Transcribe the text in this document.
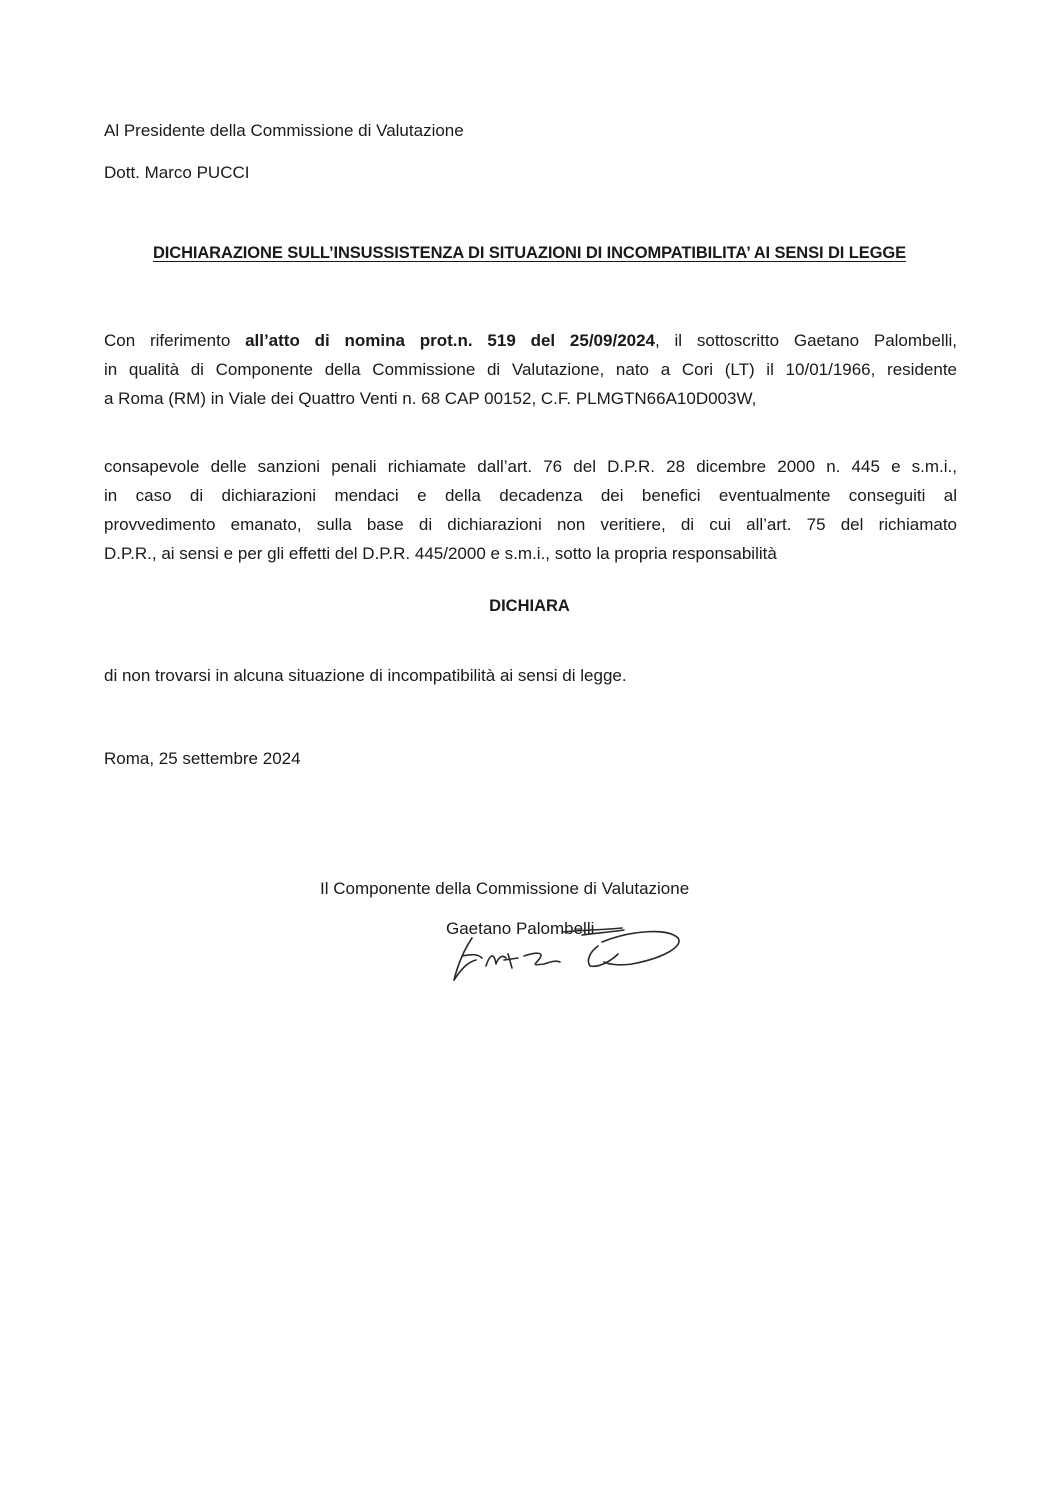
Al Presidente della Commissione di Valutazione
Dott. Marco PUCCI
DICHIARAZIONE SULL’INSUSSISTENZA DI SITUAZIONI DI INCOMPATIBILITA’ AI SENSI DI LEGGE
Con riferimento all’atto di nomina prot.n. 519 del 25/09/2024, il sottoscritto Gaetano Palombelli,
in qualità di Componente della Commissione di Valutazione, nato a Cori (LT) il 10/01/1966, residente
a Roma (RM) in Viale dei Quattro Venti n. 68 CAP 00152, C.F. PLMGTN66A10D003W,
consapevole delle sanzioni penali richiamate dall’art. 76 del D.P.R. 28 dicembre 2000 n. 445 e s.m.i.,
in caso di dichiarazioni mendaci e della decadenza dei benefici eventualmente conseguiti al
provvedimento emanato, sulla base di dichiarazioni non veritiere, di cui all’art. 75 del richiamato
D.P.R., ai sensi e per gli effetti del D.P.R. 445/2000 e s.m.i., sotto la propria responsabilità
DICHIARA
di non trovarsi in alcuna situazione di incompatibilità ai sensi di legge.
Roma, 25 settembre 2024
Il Componente della Commissione di Valutazione
Gaetano Palombelli
